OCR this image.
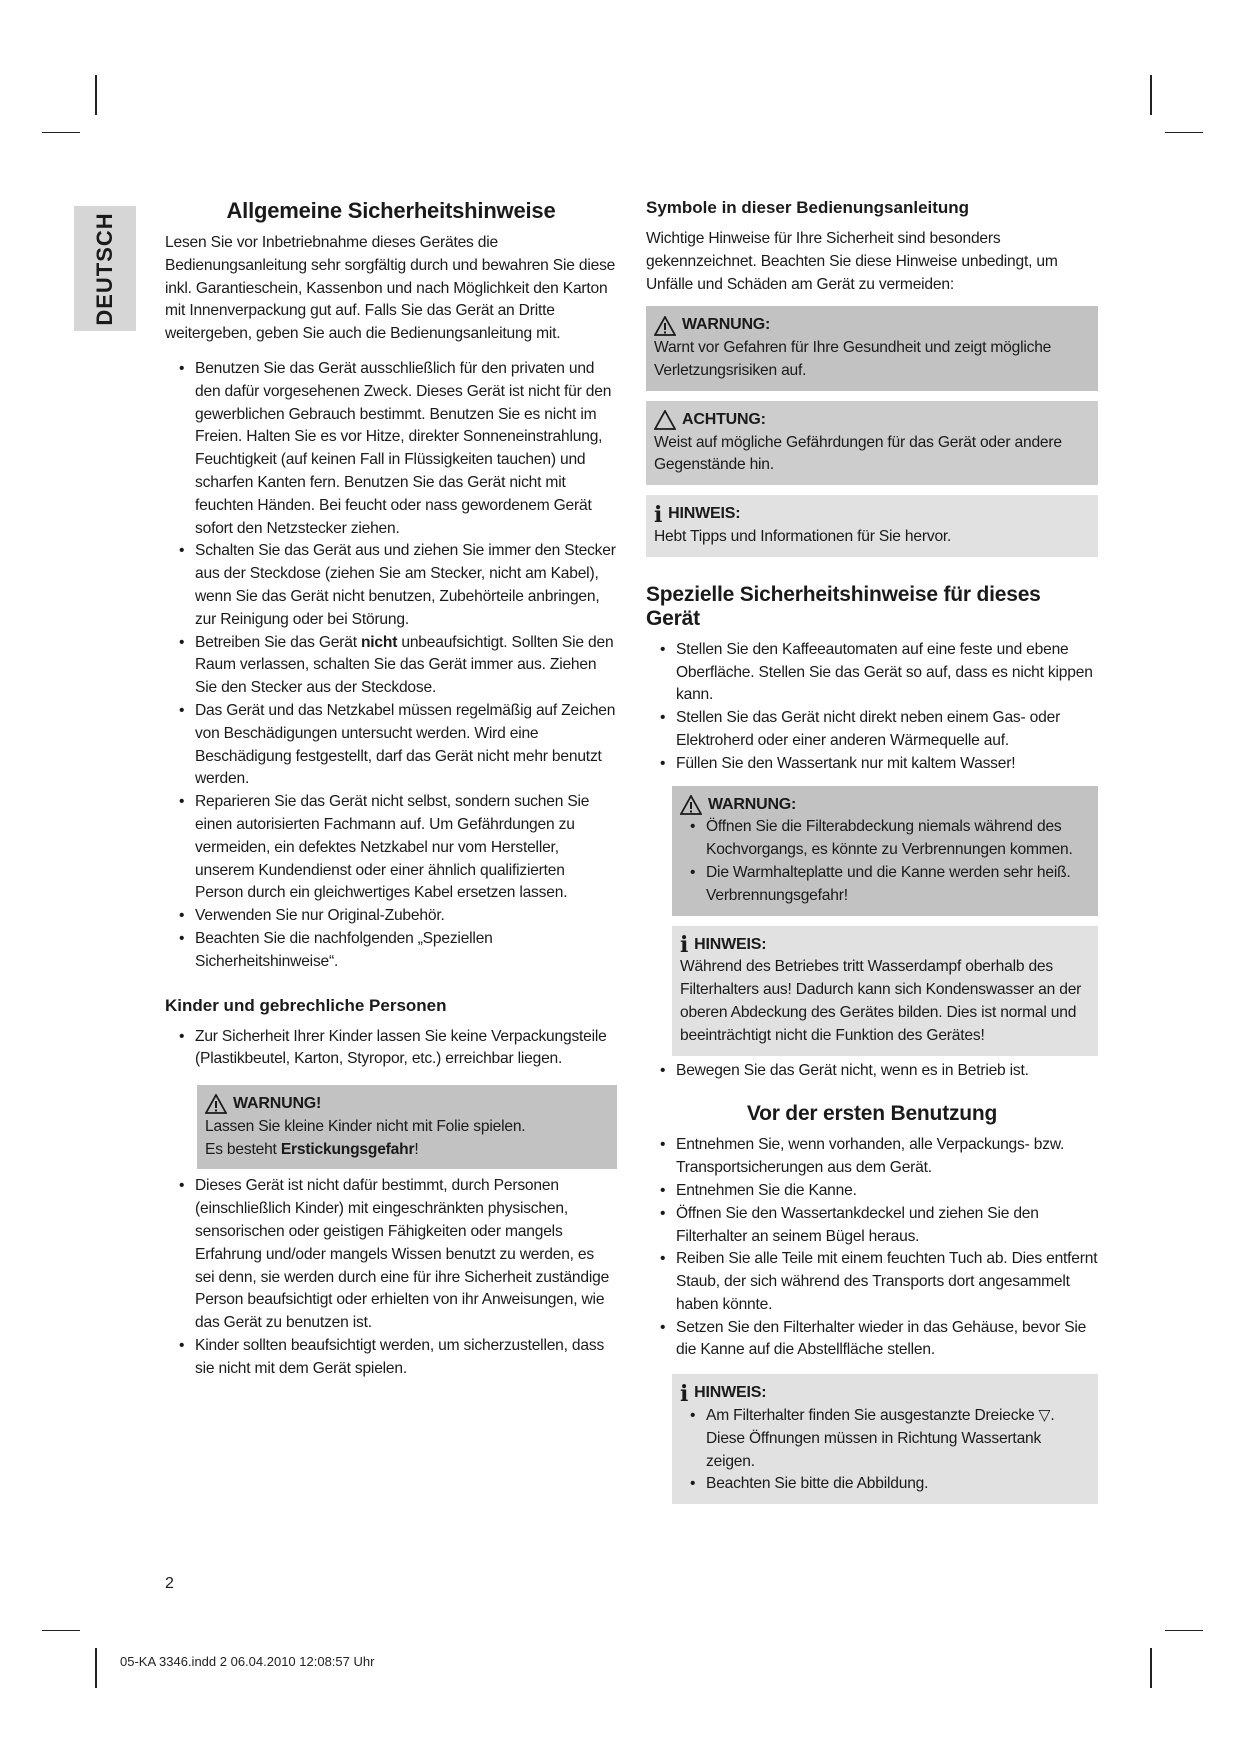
DEUTSCH
Allgemeine Sicherheitshinweise

Lesen Sie vor Inbetriebnahme dieses Gerätes die Bedienungsanleitung sehr sorgfältig durch und bewahren Sie diese inkl. Garantieschein, Kassenbon und nach Möglichkeit den Karton mit Innenverpackung gut auf. Falls Sie das Gerät an Dritte weitergeben, geben Sie auch die Bedienungsanleitung mit.

• Benutzen Sie das Gerät ausschließlich für den privaten und den dafür vorgesehenen Zweck. Dieses Gerät ist nicht für den gewerblichen Gebrauch bestimmt. Benutzen Sie es nicht im Freien. Halten Sie es vor Hitze, direkter Sonneneinstrahlung, Feuchtigkeit (auf keinen Fall in Flüssigkeiten tauchen) und scharfen Kanten fern. Benutzen Sie das Gerät nicht mit feuchten Händen. Bei feucht oder nass gewordenem Gerät sofort den Netzstecker ziehen.
• Schalten Sie das Gerät aus und ziehen Sie immer den Stecker aus der Steckdose (ziehen Sie am Stecker, nicht am Kabel), wenn Sie das Gerät nicht benutzen, Zubehörteile anbringen, zur Reinigung oder bei Störung.
• Betreiben Sie das Gerät nicht unbeaufsichtigt. Sollten Sie den Raum verlassen, schalten Sie das Gerät immer aus. Ziehen Sie den Stecker aus der Steckdose.
• Das Gerät und das Netzkabel müssen regelmäßig auf Zeichen von Beschädigungen untersucht werden. Wird eine Beschädigung festgestellt, darf das Gerät nicht mehr benutzt werden.
• Reparieren Sie das Gerät nicht selbst, sondern suchen Sie einen autorisierten Fachmann auf. Um Gefährdungen zu vermeiden, ein defektes Netzkabel nur vom Hersteller, unserem Kundendienst oder einer ähnlich qualifizierten Person durch ein gleichwertiges Kabel ersetzen lassen.
• Verwenden Sie nur Original-Zubehör.
• Beachten Sie die nachfolgenden „Speziellen Sicherheitshinweise“.
Kinder und gebrechliche Personen
• Zur Sicherheit Ihrer Kinder lassen Sie keine Verpackungsteile (Plastikbeutel, Karton, Styropor, etc.) erreichbar liegen.
WARNUNG!

Lassen Sie kleine Kinder nicht mit Folie spielen.

Es besteht Erstickungsgefahr!

• Dieses Gerät ist nicht dafür bestimmt, durch Personen (einschließlich Kinder) mit eingeschränkten physischen, sensorischen oder geistigen Fähigkeiten oder mangels Erfahrung und/oder mangels Wissen benutzt zu werden, es sei denn, sie werden durch eine für ihre Sicherheit zuständige Person beaufsichtigt oder erhielten von ihr Anweisungen, wie das Gerät zu benutzen ist.
• Kinder sollten beaufsichtigt werden, um sicherzustellen, dass sie nicht mit dem Gerät spielen.
Symbole in dieser Bedienungsanleitung

Wichtige Hinweise für Ihre Sicherheit sind besonders gekennzeichnet. Beachten Sie diese Hinweise unbedingt, um Unfälle und Schäden am Gerät zu vermeiden:

WARNUNG:

Warnt vor Gefahren für Ihre Gesundheit und zeigt mögliche Verletzungsrisiken auf.

ACHTUNG:

Weist auf mögliche Gefährdungen für das Gerät oder andere Gegenstände hin.

i HINWEIS:

Hebt Tipps und Informationen für Sie hervor.

Spezielle Sicherheitshinweise für dieses Gerät
• Stellen Sie den Kaffeeautomaten auf eine feste und ebene Oberfläche. Stellen Sie das Gerät so auf, dass es nicht kippen kann.
• Stellen Sie das Gerät nicht direkt neben einem Gas- oder Elektroherd oder einer anderen Wärmequelle auf.
• Füllen Sie den Wassertank nur mit kaltem Wasser!
WARNUNG:
• Öffnen Sie die Filterabdeckung niemals während des Kochvorgangs, es könnte zu Verbrennungen kommen.
• Die Warmhalteplatte und die Kanne werden sehr heiß. Verbrennungsgefahr!
i HINWEIS:

Während des Betriebes tritt Wasserdampf oberhalb des Filterhalters aus! Dadurch kann sich Kondenswasser an der oberen Abdeckung des Gerätes bilden. Dies ist normal und beeinträchtigt nicht die Funktion des Gerätes!

• Bewegen Sie das Gerät nicht, wenn es in Betrieb ist.
Vor der ersten Benutzung
• Entnehmen Sie, wenn vorhanden, alle Verpackungs- bzw. Transportsicherungen aus dem Gerät.
• Entnehmen Sie die Kanne.
• Öffnen Sie den Wassertankdeckel und ziehen Sie den Filterhalter an seinem Bügel heraus.
• Reiben Sie alle Teile mit einem feuchten Tuch ab. Dies entfernt Staub, der sich während des Transports dort angesammelt haben könnte.
• Setzen Sie den Filterhalter wieder in das Gehäuse, bevor Sie die Kanne auf die Abstellfläche stellen.
i HINWEIS:
• Am Filterhalter finden Sie ausgestanzte Dreiecke ▽. Diese Öffnungen müssen in Richtung Wassertank zeigen.
• Beachten Sie bitte die Abbildung.
2
05-KA 3346.indd 2 06.04.2010 12:08:57 Uhr
